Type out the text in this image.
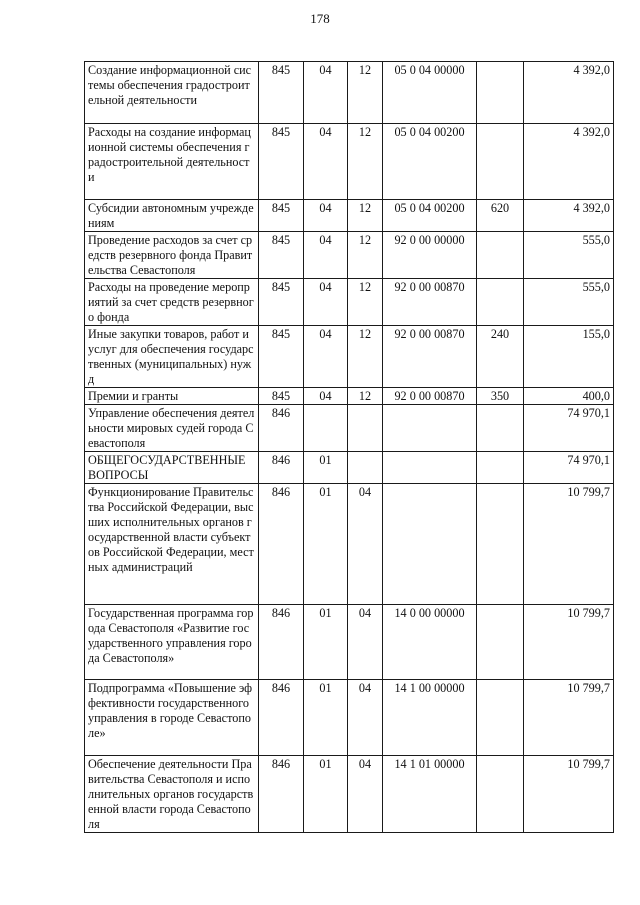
178
Создание информационной системы обеспечения градостроительной деятельности	845	04	12	05 0 04 00000		4 392,0
Расходы на создание информационной системы обеспечения градостроительной деятельности	845	04	12	05 0 04 00200		4 392,0
Субсидии автономным учреждениям	845	04	12	05 0 04 00200	620	4 392,0
Проведение расходов за счет средств резервного фонда Правительства Севастополя	845	04	12	92 0 00 00000		555,0
Расходы на проведение мероприятий за счет средств резервного фонда	845	04	12	92 0 00 00870		555,0
Иные закупки товаров, работ и услуг для обеспечения государственных (муниципальных) нужд	845	04	12	92 0 00 00870	240	155,0
Премии и гранты	845	04	12	92 0 00 00870	350	400,0
Управление обеспечения деятельности мировых судей города Севастополя	846					74 970,1
ОБЩЕГОСУДАРСТВЕННЫЕ ВОПРОСЫ	846	01				74 970,1
Функционирование Правительства Российской Федерации, высших исполнительных органов государственной власти субъектов Российской Федерации, местных администраций	846	01	04			10 799,7
Государственная программа города Севастополя «Развитие государственного управления города Севастополя»	846	01	04	14 0 00 00000		10 799,7
Подпрограмма «Повышение эффективности государственного управления в городе Севастополе»	846	01	04	14 1 00 00000		10 799,7
Обеспечение деятельности Правительства Севастополя и исполнительных органов государственной власти города Севастополя	846	01	04	14 1 01 00000		10 799,7
